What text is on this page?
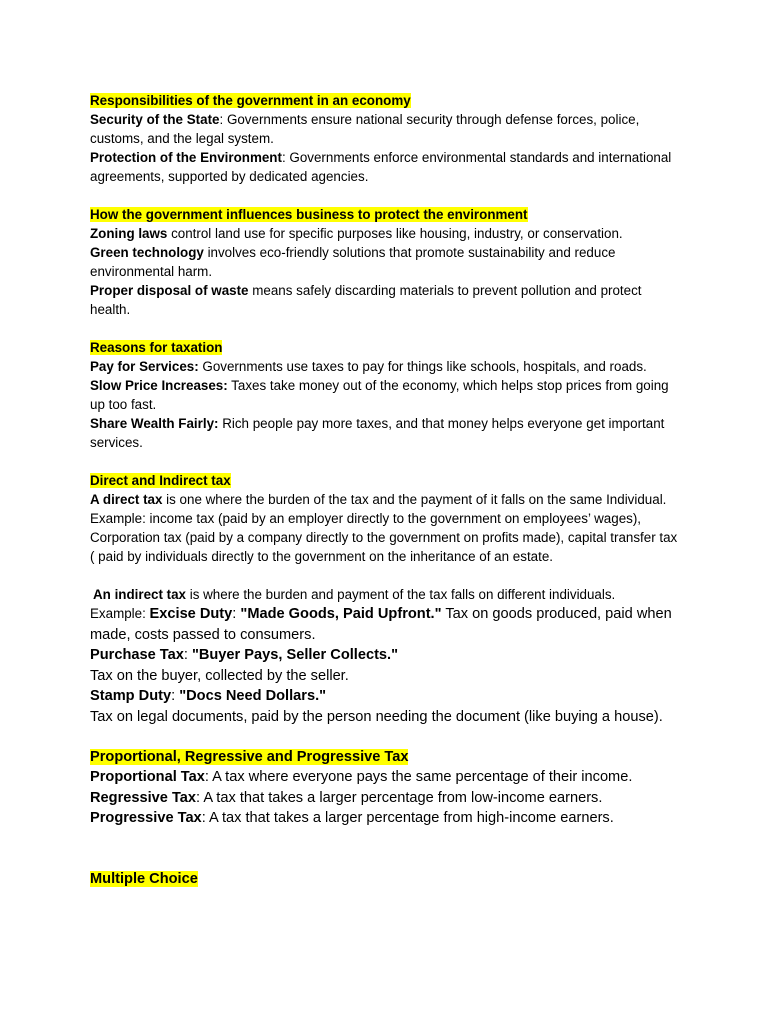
Responsibilities of the government in an economy
Security of the State: Governments ensure national security through defense forces, police, customs, and the legal system.
Protection of the Environment: Governments enforce environmental standards and international agreements, supported by dedicated agencies.
How the government influences business to protect the environment
Zoning laws control land use for specific purposes like housing, industry, or conservation.
Green technology involves eco-friendly solutions that promote sustainability and reduce environmental harm.
Proper disposal of waste means safely discarding materials to prevent pollution and protect health.
Reasons for taxation
Pay for Services: Governments use taxes to pay for things like schools, hospitals, and roads.
Slow Price Increases: Taxes take money out of the economy, which helps stop prices from going up too fast.
Share Wealth Fairly: Rich people pay more taxes, and that money helps everyone get important services.
Direct and Indirect tax
A direct tax is one where the burden of the tax and the payment of it falls on the same Individual.
Example: income tax (paid by an employer directly to the government on employees’ wages), Corporation tax (paid by a company directly to the government on profits made), capital transfer tax ( paid by individuals directly to the government on the inheritance of an estate.
An indirect tax is where the burden and payment of the tax falls on different individuals.
Example: Excise Duty: "Made Goods, Paid Upfront." Tax on goods produced, paid when made, costs passed to consumers.
Purchase Tax: "Buyer Pays, Seller Collects."
Tax on the buyer, collected by the seller.
Stamp Duty: "Docs Need Dollars."
Tax on legal documents, paid by the person needing the document (like buying a house).
Proportional, Regressive and Progressive Tax
Proportional Tax: A tax where everyone pays the same percentage of their income.
Regressive Tax: A tax that takes a larger percentage from low-income earners.
Progressive Tax: A tax that takes a larger percentage from high-income earners.
Multiple Choice
